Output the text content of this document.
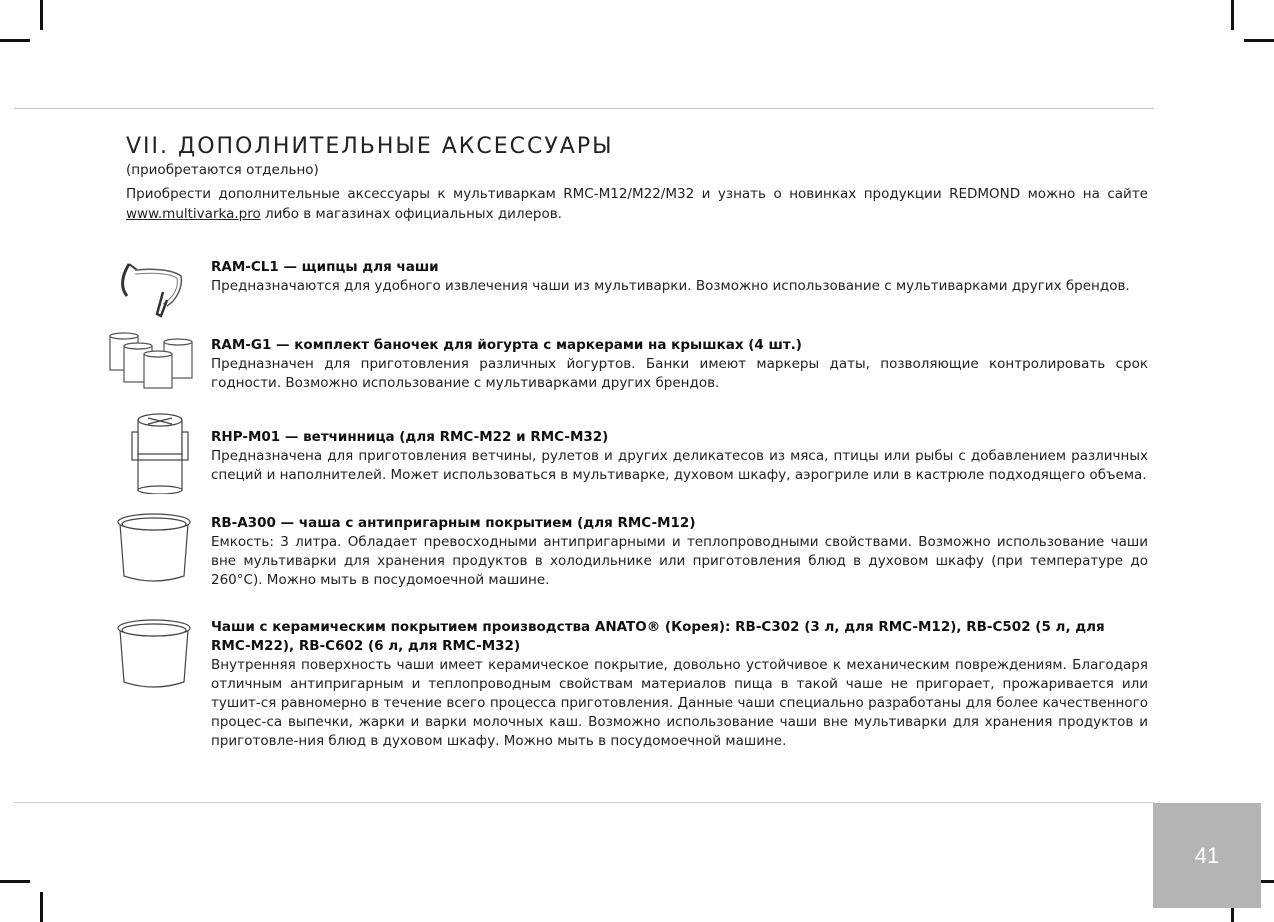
VII. ДОПОЛНИТЕЛЬНЫЕ АКСЕССУАРЫ
(приобретаются отдельно)
Приобрести дополнительные аксессуары к мультиваркам RMC-M12/M22/M32 и узнать о новинках продукции REDMOND можно на сайте www.multivarka.pro либо в магазинах официальных дилеров.
RAM-CL1 — щипцы для чаши
Предназначаются для удобного извлечения чаши из мультиварки. Возможно использование с мультиварками других брендов.
RAM-G1 — комплект баночек для йогурта с маркерами на крышках (4 шт.)
Предназначен для приготовления различных йогуртов. Банки имеют маркеры даты, позволяющие контролировать срок годности. Возможно использование с мультиварками других брендов.
RHP-M01 — ветчинница (для RMC-M22 и RMC-M32)
Предназначена для приготовления ветчины, рулетов и других деликатесов из мяса, птицы или рыбы с добавлением различных специй и наполнителей. Может использоваться в мультиварке, духовом шкафу, аэрогриле или в кастрюле подходящего объема.
RB-A300 — чаша с антипригарным покрытием (для RMC-M12)
Емкость: 3 литра. Обладает превосходными антипригарными и теплопроводными свойствами. Возможно использование чаши вне мультиварки для хранения продуктов в холодильнике или приготовления блюд в духовом шкафу (при температуре до 260°С). Можно мыть в посудомоечной машине.
Чаши с керамическим покрытием производства ANATO® (Корея): RB-C302 (3 л, для RMC-M12), RB-C502 (5 л, для RMC-M22), RB-C602 (6 л, для RMC-M32)
Внутренняя поверхность чаши имеет керамическое покрытие, довольно устойчивое к механическим повреждениям. Благодаря отличным антипригарным и теплопроводным свойствам материалов пища в такой чаше не пригорает, прожаривается или тушит-ся равномерно в течение всего процесса приготовления. Данные чаши специально разработаны для более качественного процес-са выпечки, жарки и варки молочных каш. Возможно использование чаши вне мультиварки для хранения продуктов и приготовле-ния блюд в духовом шкафу. Можно мыть в посудомоечной машине.
41
